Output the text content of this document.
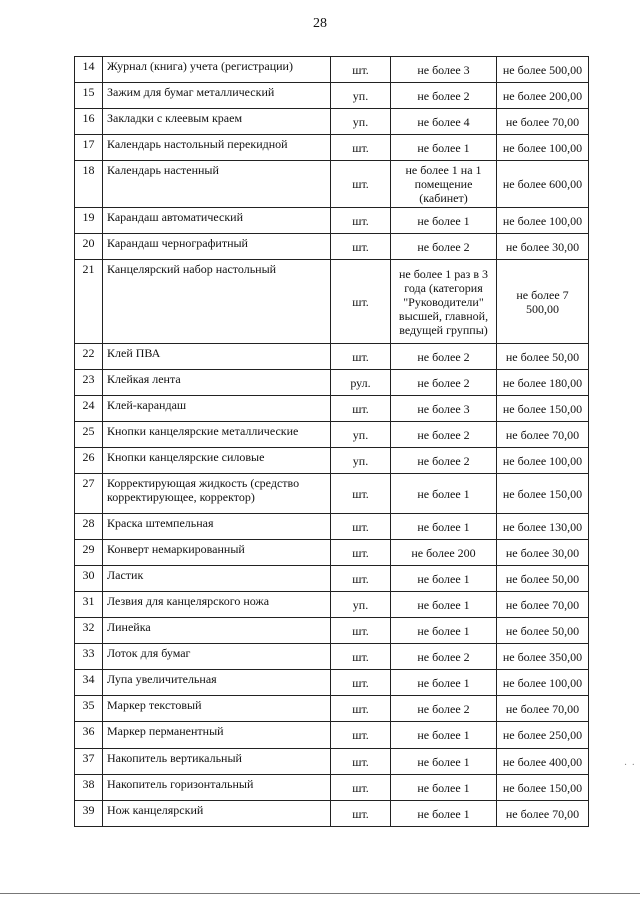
28
14	Журнал (книга) учета (регистрации)	шт.	не более 3	не более 500,00
15	Зажим для бумаг металлический	уп.	не более 2	не более 200,00
16	Закладки с клеевым краем	уп.	не более 4	не более 70,00
17	Календарь настольный перекидной	шт.	не более 1	не более 100,00
18	Календарь настенный	шт.	не более 1 на 1 помещение (кабинет)	не более 600,00
19	Карандаш автоматический	шт.	не более 1	не более 100,00
20	Карандаш чернографитный	шт.	не более 2	не более 30,00
21	Канцелярский набор настольный	шт.	не более 1 раз в 3 года (категория "Руководители" высшей, главной, ведущей группы)	не более 7 500,00
22	Клей ПВА	шт.	не более 2	не более 50,00
23	Клейкая лента	рул.	не более 2	не более 180,00
24	Клей-карандаш	шт.	не более 3	не более 150,00
25	Кнопки канцелярские металлические	уп.	не более 2	не более 70,00
26	Кнопки канцелярские силовые	уп.	не более 2	не более 100,00
27	Корректирующая жидкость (средство корректирующее, корректор)	шт.	не более 1	не более 150,00
28	Краска штемпельная	шт.	не более 1	не более 130,00
29	Конверт немаркированный	шт.	не более 200	не более 30,00
30	Ластик	шт.	не более 1	не более 50,00
31	Лезвия для канцелярского ножа	уп.	не более 1	не более 70,00
32	Линейка	шт.	не более 1	не более 50,00
33	Лоток для бумаг	шт.	не более 2	не более 350,00
34	Лупа увеличительная	шт.	не более 1	не более 100,00
35	Маркер текстовый	шт.	не более 2	не более 70,00
36	Маркер перманентный	шт.	не более 1	не более 250,00
37	Накопитель вертикальный	шт.	не более 1	не более 400,00
38	Накопитель горизонтальный	шт.	не более 1	не более 150,00
39	Нож канцелярский	шт.	не более 1	не более 70,00
· ·
